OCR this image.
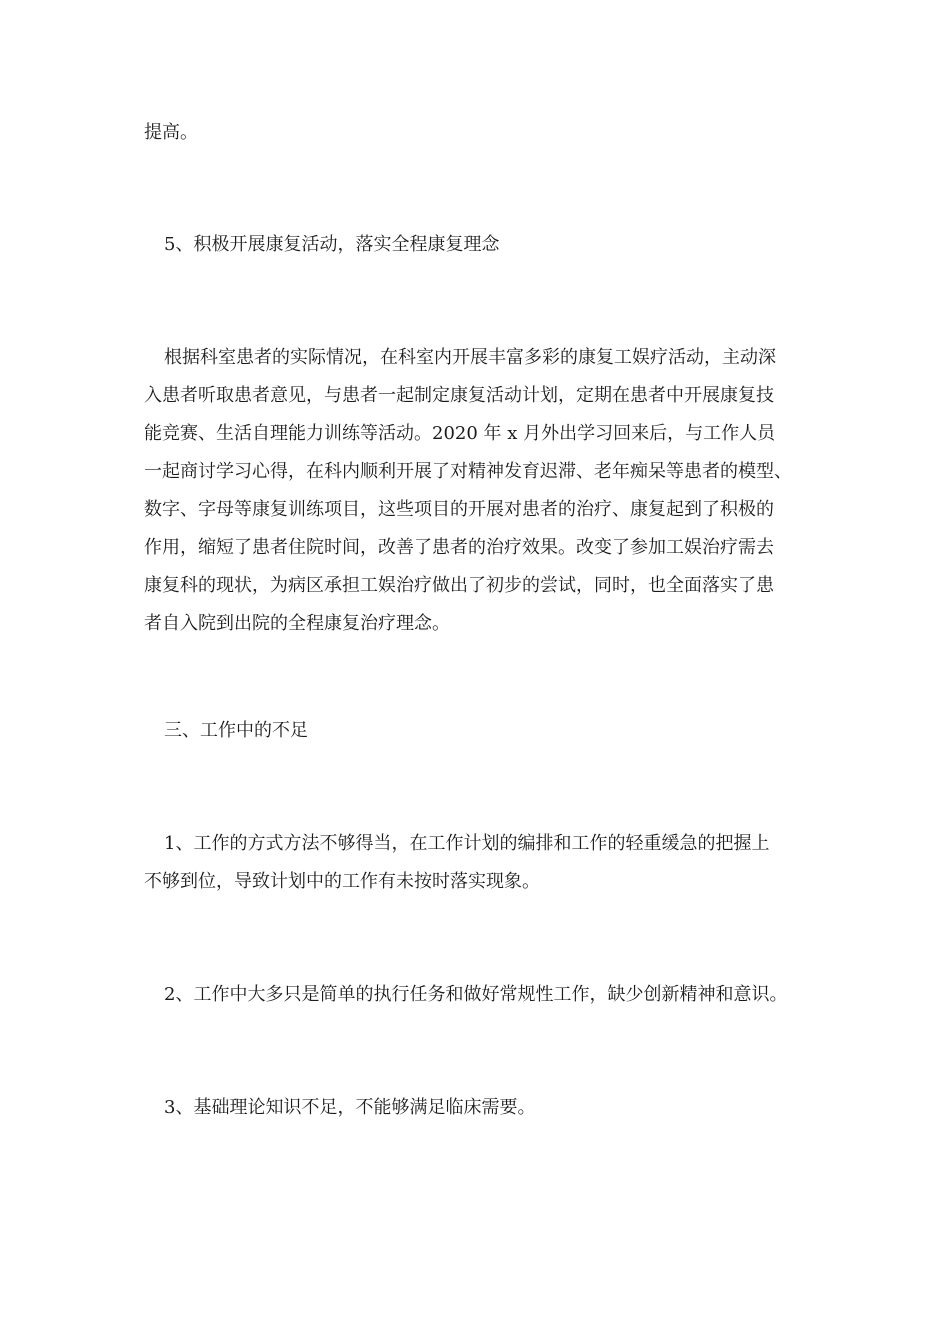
提高。

5、积极开展康复活动，落实全程康复理念

根据科室患者的实际情况，在科室内开展丰富多彩的康复工娱疗活动，主动深
入患者听取患者意见，与患者一起制定康复活动计划，定期在患者中开展康复技
能竞赛、生活自理能力训练等活动。2020 年 x 月外出学习回来后，与工作人员
一起商讨学习心得，在科内顺利开展了对精神发育迟滞、老年痴呆等患者的模型、
数字、字母等康复训练项目，这些项目的开展对患者的治疗、康复起到了积极的
作用，缩短了患者住院时间，改善了患者的治疗效果。改变了参加工娱治疗需去
康复科的现状，为病区承担工娱治疗做出了初步的尝试，同时，也全面落实了患
者自入院到出院的全程康复治疗理念。

三、工作中的不足

1、工作的方式方法不够得当，在工作计划的编排和工作的轻重缓急的把握上
不够到位，导致计划中的工作有未按时落实现象。

2、工作中大多只是简单的执行任务和做好常规性工作，缺少创新精神和意识。

3、基础理论知识不足，不能够满足临床需要。
